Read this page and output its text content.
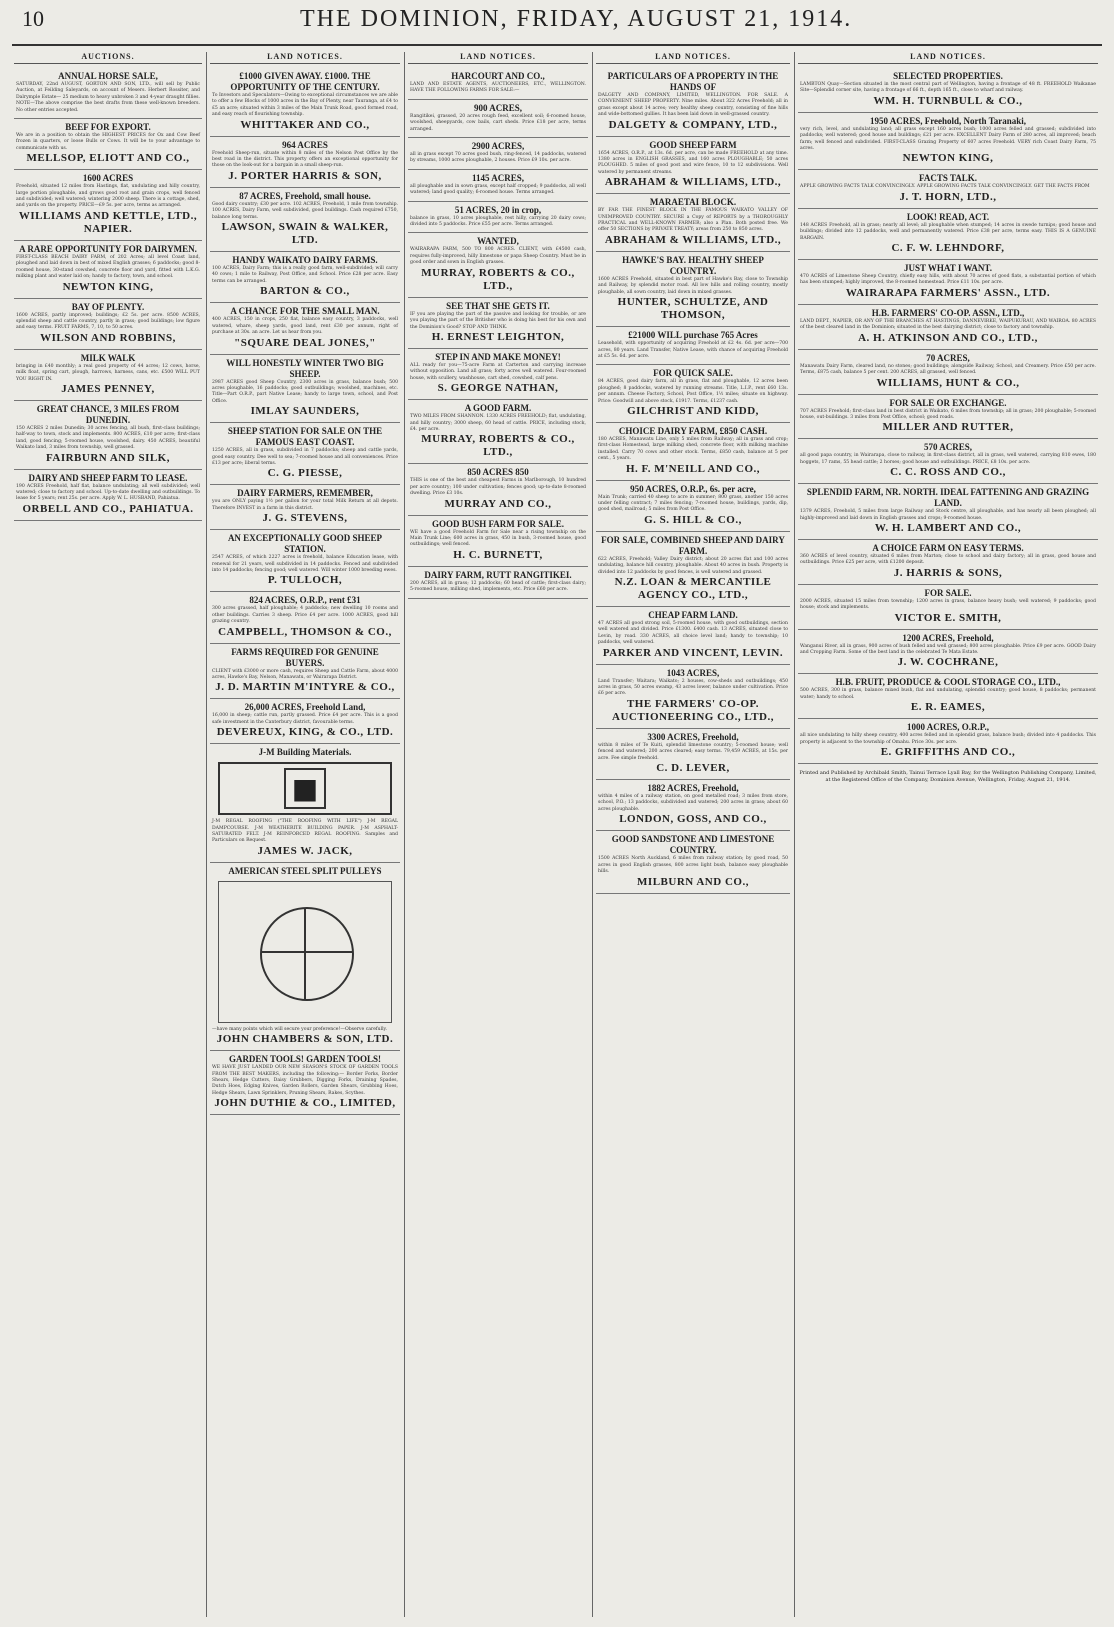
10	THE DOMINION, FRIDAY, AUGUST 21, 1914.
AUCTIONS.
ANNUAL HORSE SALE,
SATURDAY, 22nd AUGUST, GORTON AND SON, LTD., will sell by Public Auction, at Feilding Saleyards, on account of Mesers. Herbert Rossiter, and Dalrymple Estate— 25 medium to heavy unbroken 3 and 4-year draught fillies. NOTE—The above comprise the best drafts from these well-known breeders. No other entries accepted.
BEEF FOR EXPORT.
We are in a position to obtain the HIGHEST PRICES for Ox and Cow Beef frozen in quarters, or loose Bulls or Cows. It will be to your advantage to communicate with us.
MELLSOP, ELIOTT AND CO.,
1600 ACRES
Freehold, situated 12 miles from Hastings, flat, undulating and hilly country, large portion ploughable, and grows good root and grain crops, well fenced and subdivided; well watered; wintering 2000 sheep. There is a cottage, shed, and yards on the property. PRICE—£9 5s. per acre, terms as arranged.
WILLIAMS AND KETTLE, LTD., NAPIER.
A RARE OPPORTUNITY FOR DAIRYMEN.
FIRST-CLASS BEACH DAIRY FARM, of 202 Acres; all level Coast land, ploughed and laid down in best of mixed English grasses; 6 paddocks; good 8-roomed house, 30-stand cowshed, concrete floor and yard, fitted with L.K.G. milking plant and water laid on; handy to factory, town, and school.
NEWTON KING,
BAY OF PLENTY.
1600 ACRES, partly improved; buildings; £2 5s. per acre. 8500 ACRES, splendid sheep and cattle country, partly in grass; good buildings; low figure and easy terms. FRUIT FARMS, 7, 10, to 50 acres.
WILSON AND ROBBINS,
MILK WALK
bringing in £40 monthly; a real good property of 44 acres; 12 cows, horse, milk float, spring cart, plough, harrows, harness, cans, etc. £500 WILL PUT YOU RIGHT IN.
JAMES PENNEY,
GREAT CHANCE, 3 MILES FROM DUNEDIN.
150 ACRES 2 miles Dunedin; 30 acres fencing, all bush, first-class buildings; half-way to town, stock and implements. 800 ACRES, £10 per acre; first-class land, good fencing; 5-roomed house, woolshed, dairy. 450 ACRES, beautiful Waikato land, 3 miles from township, well grassed.
FAIRBURN AND SILK,
DAIRY AND SHEEP FARM TO LEASE.
190 ACRES Freehold, half flat, balance undulating; all well subdivided; well watered; close to factory and school. Up-to-date dwelling and outbuildings. To lease for 5 years; rent 25s. per acre. Apply W. L. HUSBAND, Pahiatua.
ORBELL AND CO., PAHIATUA.
LAND NOTICES.
£1000 GIVEN AWAY. £1000. THE OPPORTUNITY OF THE CENTURY.
To Investors and Speculators—Owing to exceptional circumstances we are able to offer a few Blocks of 1000 acres in the Bay of Plenty, near Tauranga, at £4 to £5 an acre; situated within 3 miles of the Main Trunk Road, good formed road, and easy reach of flourishing township.
WHITTAKER AND CO.,
964 ACRES
Freehold Sheep-run, situate within 8 miles of the Nelson Post Office by the best road in the district. This property offers an exceptional opportunity for those on the look-out for a bargain in a small sheep-run.
J. PORTER HARRIS & SON,
87 ACRES, Freehold, small house.
Good dairy country; £30 per acre. 102 ACRES, Freehold, 1 mile from township. 100 ACRES, Dairy Farm, well subdivided, good buildings. Cash required £750, balance long terms.
LAWSON, SWAIN & WALKER, LTD.
HANDY WAIKATO DAIRY FARMS.
100 ACRES, Dairy Farm; this is a really good farm, well-subdivided; will carry 40 cows; 1 mile to Railway, Post Office, and School. Price £28 per acre. Easy terms can be arranged.
BARTON & CO.,
A CHANCE FOR THE SMALL MAN.
400 ACRES, 150 in crops, 250 flat, balance easy country, 3 paddocks, well watered, whare, sheep yards, good land, rent £30 per annum, right of purchase at 30s. an acre. Let us hear from you.
"SQUARE DEAL JONES,"
WILL HONESTLY WINTER TWO BIG SHEEP.
2987 ACRES good Sheep Country, 2300 acres in grass, balance bush; 500 acres ploughable, 16 paddocks; good outbuildings; woolshed, machines, etc. Title—Part O.R.P., part Native Lease; handy to large town, school, and Post Office.
IMLAY SAUNDERS,
SHEEP STATION FOR SALE ON THE FAMOUS EAST COAST.
1250 ACRES, all in grass, subdivided in 7 paddocks; sheep and cattle yards, good easy country. Dee well to sea; 7-roomed house and all conveniences. Price £13 per acre; liberal terms.
C. G. PIESSE,
DAIRY FARMERS, REMEMBER,
you are ONLY paying 1½ per gallon for your total Milk Return at all depots. Therefore INVEST in a farm in this district.
J. G. STEVENS,
AN EXCEPTIONALLY GOOD SHEEP STATION.
2547 ACRES, of which 2227 acres is freehold, balance Education lease, with renewal for 21 years, well subdivided in 14 paddocks. Fenced and subdivided into 14 paddocks; fencing good; well watered. Will winter 1000 breeding ewes.
P. TULLOCH,
824 ACRES, O.R.P., rent £31
300 acres grassed, half ploughable; 4 paddocks; new dwelling 10 rooms and other buildings. Carries 3 sheep. Price £4 per acre. 1000 ACRES, good hill grazing country.
CAMPBELL, THOMSON & CO.,
FARMS REQUIRED FOR GENUINE BUYERS.
CLIENT with £3000 or more cash, requires Sheep and Cattle Farm, about 4000 acres, Hawke's Bay, Nelson, Manawatu, or Wairarapa District.
J. D. MARTIN M'INTYRE & CO.,
26,000 ACRES, Freehold Land,
16,000 in sheep; cattle run, partly grassed. Price £4 per acre. This is a good safe investment in the Canterbury district, favourable terms.
DEVEREUX, KING, & CO., LTD.
J-M Building Materials.
■
J-M REGAL ROOFING ("THE ROOFING WITH LIFE") J-M REGAL DAMPCOURSE. J-M WEATHERITE BUILDING PAPER. J-M ASPHALT-SATURATED FELT. J-M REINFORCED REGAL ROOFING. Samples and Particulars on Request.
JAMES W. JACK,
AMERICAN STEEL SPLIT PULLEYS
—have many points which will secure your preference!—Observe carefully.
JOHN CHAMBERS & SON, LTD.
GARDEN TOOLS! GARDEN TOOLS!
WE HAVE JUST LANDED OUR NEW SEASON'S STOCK OF GARDEN TOOLS FROM THE BEST MAKERS, including the following:— Border Forks, Border Shears, Hedge Cutters, Daisy Grubbers, Digging Forks, Draining Spades, Dutch Hoes, Edging Knives, Garden Rollers, Garden Shears, Grubbing Hoes, Hedge Shears, Lawn Sprinklers, Pruning Shears, Rakes, Scythes.
JOHN DUTHIE & CO., LIMITED,
LAND NOTICES.
HARCOURT AND CO.,
LAND AND ESTATE AGENTS, AUCTIONEERS, ETC., WELLINGTON. HAVE THE FOLLOWING FARMS FOR SALE:—
900 ACRES,
Rangitikei, grassed, 20 acres rough feed, excellent soil; 6-roomed house, woolshed, sheepyards, cow bails, cart sheds. Price £18 per acre, terms arranged.
2900 ACRES,
all in grass except 70 acres good bush, ring-fenced, 14 paddocks, watered by streams, 1000 acres ploughable, 2 houses. Price £9 10s. per acre.
1145 ACRES,
all ploughable and in sown grass, except half cropped; 9 paddocks, all well watered; land good quality; 6-roomed house. Terms arranged.
51 ACRES, 20 in crop,
balance in grass, 10 acres ploughable, rest hilly, carrying 20 dairy cows; divided into 5 paddocks. Price £55 per acre. Terms arranged.
WANTED,
WAIRARAPA FARM, 500 TO 800 ACRES. CLIENT, with £4500 cash, requires fully-improved, hilly limestone or papa Sheep Country. Must be in good order and sown in English grasses.
MURRAY, ROBERTS & CO., LTD.,
SEE THAT SHE GETS IT.
IF you are playing the part of the passive and looking for trouble, or are you playing the part of the Britisher who is doing his best for his own and the Dominion's Good? STOP AND THINK.
H. ERNEST LEIGHTON,
STEP IN AND MAKE MONEY!
ALL ready for you—75-acre Farm at Carterton and carrying increase without opposition. Land all grass; forty acres well watered. Four-roomed house, with scullery, washhouse, cart shed, cowshed, calf pens.
S. GEORGE NATHAN,
A GOOD FARM.
TWO MILES FROM SHANNON. 1330 ACRES FREEHOLD; flat, undulating, and hilly country; 3000 sheep, 60 head of cattle. PRICE, including stock, £4. per acre.
MURRAY, ROBERTS & CO., LTD.,
850 ACRES 850
THIS is one of the best and cheapest Farms in Marlborough, 10 hundred per acre country; 100 under cultivation; fences good; up-to-date 8-roomed dwelling. Price £3 10s.
MURRAY AND CO.,
GOOD BUSH FARM FOR SALE.
WE have a good Freehold Farm for Sale near a rising township on the Main Trunk Line; 600 acres in grass, 450 in bush, 3-roomed house, good outbuildings; well fenced.
H. C. BURNETT,
DAIRY FARM, RUTT RANGITIKEI.
200 ACRES, all in grass; 12 paddocks; 60 head of cattle; first-class dairy; 5-roomed house, milking shed, implements, etc. Price £60 per acre.
LAND NOTICES.
PARTICULARS OF A PROPERTY IN THE HANDS OF
DALGETY AND COMPANY, LIMITED, WELLINGTON. FOR SALE. A CONVENIENT SHEEP PROPERTY. Nine miles. About 322 Acres Freehold; all in grass except about 14 acres; very healthy sheep country, consisting of fine hills and wide-bottomed gullies. It has been laid down in well-grassed country.
DALGETY & COMPANY, LTD.,
GOOD SHEEP FARM
1654 ACRES, O.R.P., at 13s. 6d. per acre, can be made FREEHOLD at any time. 1380 acres in ENGLISH GRASSES, and 160 acres PLOUGHABLE; 50 acres PLOUGHED. 5 miles of good post and wire fence, 10 to 12 subdivisions. Well watered by permanent streams.
ABRAHAM & WILLIAMS, LTD.,
MARAETAI BLOCK.
BY FAR THE FINEST BLOCK IN THE FAMOUS WAIKATO VALLEY OF UNIMPROVED COUNTRY. SECURE a Copy of REPORTS by a THOROUGHLY PRACTICAL and WELL-KNOWN FARMER; also a Plan. Both posted free. We offer 50 SECTIONS by PRIVATE TREATY; areas from 250 to 850 acres.
ABRAHAM & WILLIAMS, LTD.,
HAWKE'S BAY. HEALTHY SHEEP COUNTRY.
1600 ACRES Freehold, situated in best part of Hawke's Bay, close to Township and Railway, by splendid motor road. All low hills and rolling country, mostly ploughable, all sown country, laid down in mixed grasses.
HUNTER, SCHULTZE, AND THOMSON,
£21000 WILL purchase 765 Acres
Leasehold, with opportunity of acquiring Freehold at £2 4s. 6d. per acre—700 acres, 80 years. Land Transfer, Native Lease, with chance of acquiring Freehold at £5 5s. 6d. per acre.
FOR QUICK SALE.
84 ACRES, good dairy farm, all in grass, flat and ploughable, 12 acres been ploughed; 8 paddocks, watered by running streams. Title, L.I.P., rent £60 13s. per annum. Cheese Factory, School, Post Office, 1½ miles; situate on highway. Price: Goodwill and above stock, £1917. Terms, £1237 cash.
GILCHRIST AND KIDD,
CHOICE DAIRY FARM, £850 CASH.
180 ACRES, Manawatu Line, only 5 miles from Railway; all in grass and crop; first-class Homestead, large milking shed, concrete floor, with milking machine installed. Carry 70 cows and other stock. Terms, £850 cash, balance at 5 per cent., 5 years.
H. F. M'NEILL AND CO.,
950 ACRES, O.R.P., 6s. per acre,
Main Trunk; carried 40 sheep to acre in summer; 800 grass, another 150 acres under felling contract; 7 miles fencing; 7-roomed house, buildings, yards, dip, good shed, mailroad; 5 miles from Post Office.
G. S. HILL & CO.,
FOR SALE, COMBINED SHEEP AND DAIRY FARM.
622 ACRES, Freehold; Valley Dairy district; about 20 acres flat and 100 acres undulating, balance hill country, ploughable. About 40 acres in bush. Property is divided into 12 paddocks by good fences, is well watered and grassed.
N.Z. LOAN & MERCANTILE AGENCY CO., LTD.,
CHEAP FARM LAND.
47 ACRES all good strong soil, 5-roomed house, with good outbuildings, section well watered and divided. Price £1300. £400 cash. 13 ACRES, situated close to Levin, by road. 330 ACRES, all choice level land; handy to township; 10 paddocks, well watered.
PARKER AND VINCENT, LEVIN.
1043 ACRES,
Land Transfer; Waitara; Waikato; 2 houses, cow-sheds and outbuildings; 450 acres in grass, 50 acres swamp, 43 acres lower, balance under cultivation. Price £6 per acre.
THE FARMERS' CO-OP. AUCTIONEERING CO., LTD.,
3300 ACRES, Freehold,
within 8 miles of Te Kuiti, splendid limestone country; 5-roomed house; well fenced and watered; 200 acres cleared; easy terms. 79,459 ACRES, at 15s. per acre. Fee simple freehold.
C. D. LEVER,
1882 ACRES, Freehold,
within 4 miles of a railway station, on good metalled road; 3 miles from store, school, P.O.; 13 paddocks, subdivided and watered; 200 acres in grass; about 60 acres ploughable.
LONDON, GOSS, AND CO.,
GOOD SANDSTONE AND LIMESTONE COUNTRY.
1500 ACRES North Auckland, 6 miles from railway station; by good road, 50 acres in good English grasses, 800 acres light bush, balance easy ploughable hills.
MILBURN AND CO.,
LAND NOTICES.
SELECTED PROPERTIES.
LAMBTON Quay—Section situated in the most central part of Wellington, having a frontage of 48 ft. FREEHOLD Waikanae Site—Splendid corner site, having a frontage of 66 ft., depth 165 ft., close to wharf and railway.
WM. H. TURNBULL & CO.,
1950 ACRES, Freehold, North Taranaki,
very rich, level, and undulating land; all grass except 160 acres bush; 1000 acres felled and grassed; subdivided into paddocks; well watered; good house and buildings; £21 per acre. EXCELLENT Dairy Farm of 280 acres, all improved; beach farm; well fenced and subdivided. FIRST-CLASS Grazing Property of 607 acres Freehold. VERY rich Coast Dairy Farm, 75 acres.
NEWTON KING,
FACTS TALK.
APPLE GROWING FACTS TALK CONVINCINGLY. APPLE GROWING FACTS TALK CONVINCINGLY. GET THE FACTS FROM
J. T. HORN, LTD.,
LOOK! READ, ACT.
148 ACRES Freehold, all in grass; nearly all level; all ploughable when stumped; 14 acres in swede turnips; good house and buildings; divided into 12 paddocks, well and permanently watered. Price £38 per acre, terms easy. THIS IS A GENUINE BARGAIN.
C. F. W. LEHNDORF,
JUST WHAT I WANT.
470 ACRES of Limestone Sheep Country, chiefly easy hills, with about 70 acres of good flats, a substantial portion of which has been stumped; highly improved, the 8-roomed homestead. Price £11 10s. per acre.
WAIRARAPA FARMERS' ASSN., LTD.
H.B. FARMERS' CO-OP. ASSN., LTD.,
LAND DEPT., NAPIER, OR ANY OF THE BRANCHES AT HASTINGS, DANNEVIRKE, WAIPUKURAU, AND WAIROA. 80 ACRES of the best cleared land in the Dominion; situated in the best dairying district; close to factory and township.
A. H. ATKINSON AND CO., LTD.,
70 ACRES,
Manawatu Dairy Farm, cleared land, no stones; good buildings; alongside Railway, School, and Creamery. Price £50 per acre. Terms, £875 cash, balance 5 per cent. 200 ACRES, all grassed, well fenced.
WILLIAMS, HUNT & CO.,
FOR SALE OR EXCHANGE.
707 ACRES Freehold; first-class land in best district in Waikato, 6 miles from township; all in grass; 200 ploughable; 5-roomed house, out-buildings. 3 miles from Post Office, school; good roads.
MILLER AND RUTTER,
570 ACRES,
all good papa country, in Wairarapa, close to railway, in first-class district, all in grass, well watered, carrying 810 ewes, 180 hoggets, 17 rams, 55 head cattle; 2 horses; good house and outbuildings. PRICE, £8 10s. per acre.
C. C. ROSS AND CO.,
SPLENDID FARM, NR. NORTH. IDEAL FATTENING AND GRAZING LAND.
1379 ACRES, Freehold, 5 miles from large Railway and Stock centre, all ploughable, and has nearly all been ploughed; all highly-improved and laid down in English grasses and crops; 9-roomed house.
W. H. LAMBERT AND CO.,
A CHOICE FARM ON EASY TERMS.
360 ACRES of level country, situated 6 miles from Marton; close to school and dairy factory; all in grass, good house and outbuildings. Price £25 per acre, with £1200 deposit.
J. HARRIS & SONS,
FOR SALE.
2000 ACRES, situated 15 miles from township; 1200 acres in grass, balance heavy bush; well watered; 9 paddocks; good house; stock and implements.
VICTOR E. SMITH,
1200 ACRES, Freehold,
Wanganui River, all in grass, 900 acres of bush felled and well grassed; 800 acres ploughable. Price £9 per acre. GOOD Dairy and Cropping Farm. Some of the best land in the celebrated Te Mata Estate.
J. W. COCHRANE,
H.B. FRUIT, PRODUCE & COOL STORAGE CO., LTD.,
500 ACRES, 300 in grass, balance mixed bush, flat and undulating, splendid country; good house, 8 paddocks; permanent water; handy to school.
E. R. EAMES,
1000 ACRES, O.R.P.,
all nice undulating to hilly sheep country, 400 acres felled and in splendid grass, balance bush; divided into 4 paddocks. This property is adjacent to the township of Omahu. Price 30s. per acre.
E. GRIFFITHS AND CO.,
Printed and Published by Archibald Smith, Tainui Terrace Lyall Bay, for the Wellington Publishing Company, Limited, at the Registered Office of the Company, Dominion Avenue, Wellington, Friday, August 21, 1914.
